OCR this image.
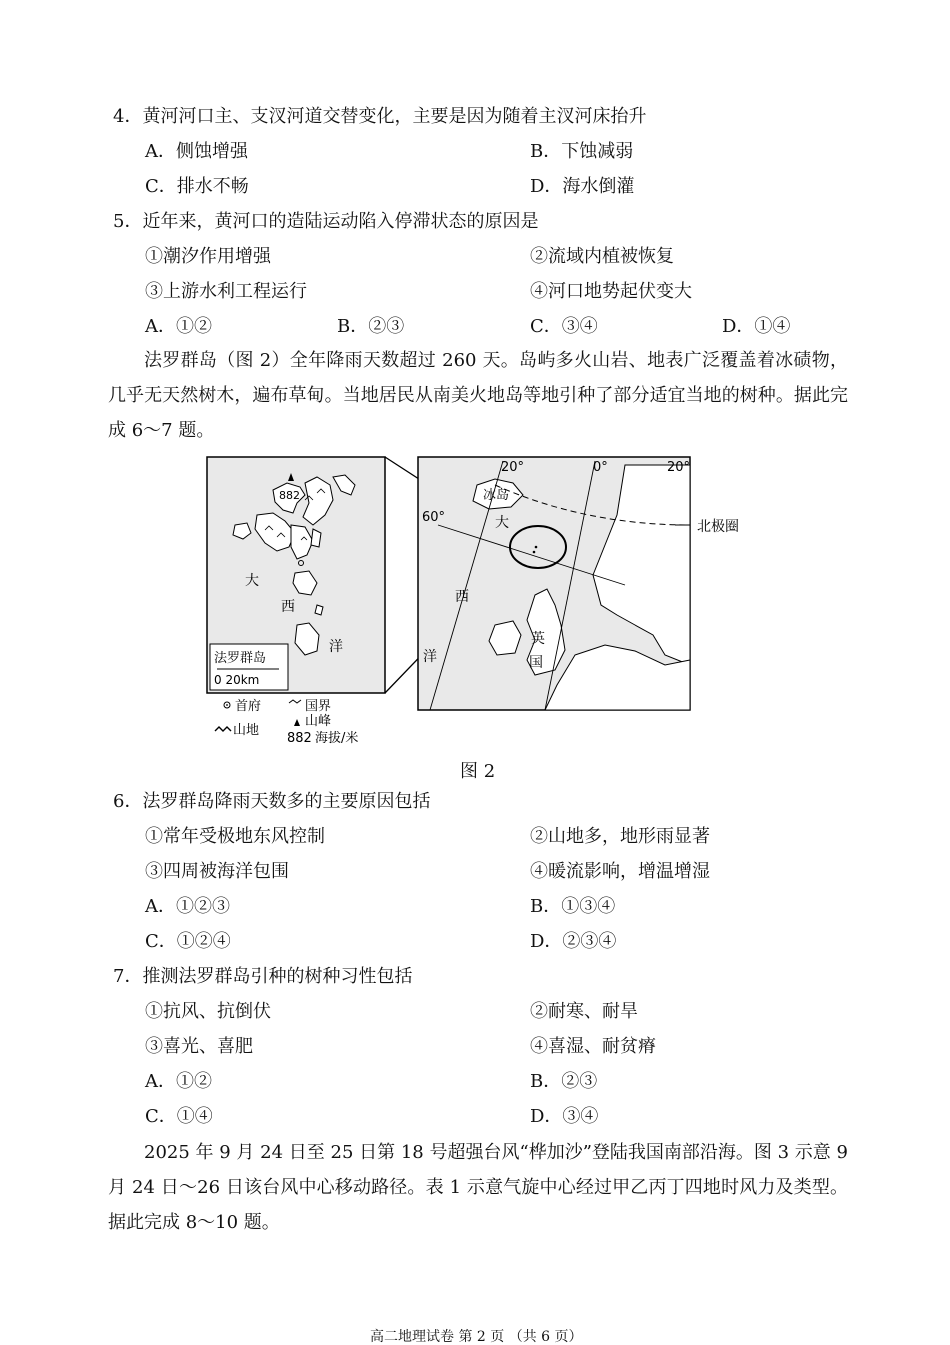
4．黄河河口主、支汊河道交替变化，主要是因为随着主汊河床抬升
A．侧蚀增强	B．下蚀减弱
C．排水不畅	D．海水倒灌
5．近年来，黄河口的造陆运动陷入停滞状态的原因是
①潮汐作用增强	②流域内植被恢复
③上游水利工程运行	④河口地势起伏变大
A．①②	B．②③	C．③④	D．①④
法罗群岛（图 2）全年降雨天数超过 260 天。岛屿多火山岩、地表广泛覆盖着冰碛物，几乎无天然树木，遍布草甸。当地居民从南美火地岛等地引种了部分适宜当地的树种。据此完成 6～7 题。
882
大
西
洋
法罗群岛
0 20km
首府	国界
山地
山峰
882 海拔/米
20°	0°	20°
60°
冰岛
北极圈
大
西
洋
英
国
图 2
6．法罗群岛降雨天数多的主要原因包括
①常年受极地东风控制	②山地多，地形雨显著
③四周被海洋包围	④暖流影响，增温增湿
A．①②③	B．①③④
C．①②④	D．②③④
7．推测法罗群岛引种的树种习性包括
①抗风、抗倒伏	②耐寒、耐旱
③喜光、喜肥	④喜湿、耐贫瘠
A．①②	B．②③
C．①④	D．③④
2025 年 9 月 24 日至 25 日第 18 号超强台风“桦加沙”登陆我国南部沿海。图 3 示意 9 月 24 日～26 日该台风中心移动路径。表 1 示意气旋中心经过甲乙丙丁四地时风力及类型。据此完成 8～10 题。
高二地理试卷 第 2 页 （共 6 页）
